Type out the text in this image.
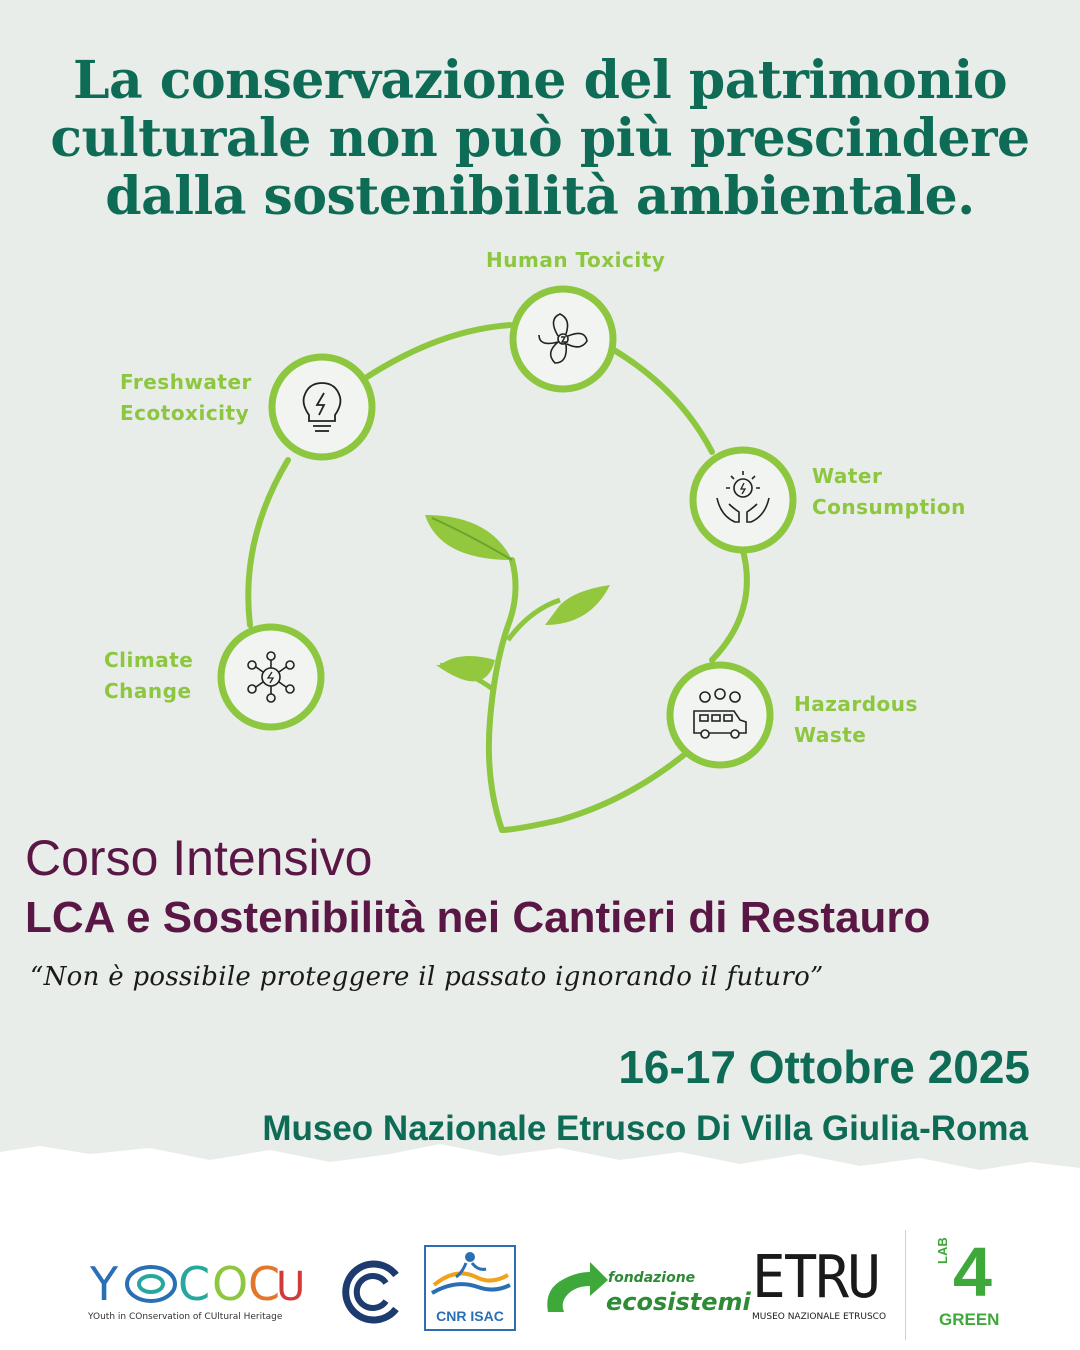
La conservazione del patrimonio
culturale non può più prescindere
dalla sostenibilità ambientale.
Human Toxicity
Freshwater
Ecotoxicity
Water
Consumption
Climate
Change
Hazardous
Waste
Corso Intensivo
LCA e Sostenibilità nei Cantieri di Restauro

“Non è possibile proteggere il passato ignorando il futuro”

16-17 Ottobre 2025

Museo Nazionale Etrusco Di Villa Giulia-Roma

Y C O C
U
YOuth in COnservation of CUltural Heritage	CNR ISAC
fondazione
ecosistemi ETRU
MUSEO NAZIONALE ETRUSCO
LAB 4
GREEN
